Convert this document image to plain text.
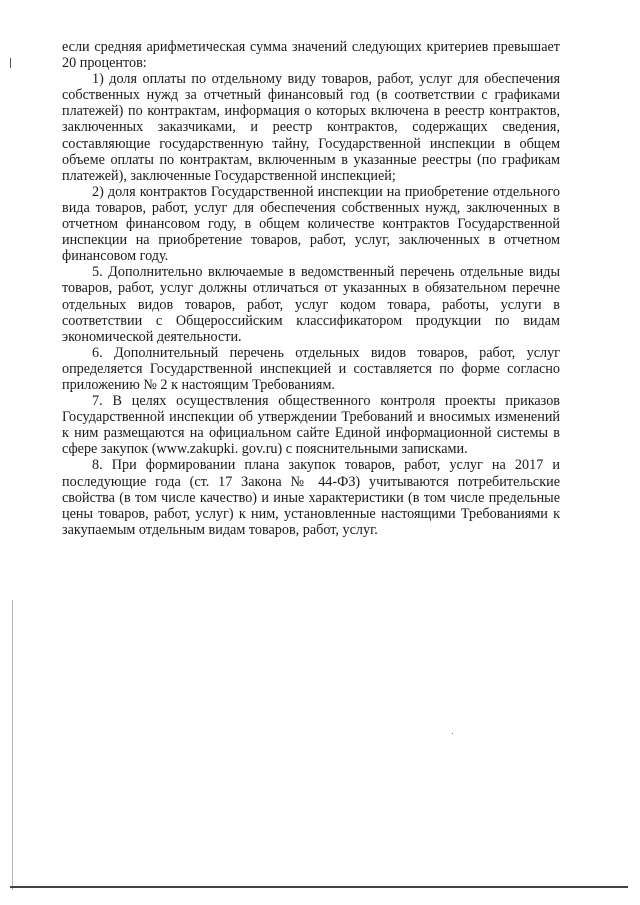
если средняя арифметическая сумма значений следующих критериев превышает 20 процентов:

1) доля оплаты по отдельному виду товаров, работ, услуг для обеспечения собственных нужд за отчетный финансовый год (в соответствии с графиками платежей) по контрактам, информация о которых включена в реестр контрактов, заключенных заказчиками, и реестр контрактов, содержащих сведения, составляющие государственную тайну, Государственной инспекции в общем объеме оплаты по контрактам, включенным в указанные реестры (по графикам платежей), заключенные Государственной инспекцией;

2) доля контрактов Государственной инспекции на приобретение отдельного вида товаров, работ, услуг для обеспечения собственных нужд, заключенных в отчетном финансовом году, в общем количестве контрактов Государственной инспекции на приобретение товаров, работ, услуг, заключенных в отчетном финансовом году.

5. Дополнительно включаемые в ведомственный перечень отдельные виды товаров, работ, услуг должны отличаться от указанных в обязательном перечне отдельных видов товаров, работ, услуг кодом товара, работы, услуги в соответствии с Общероссийским классификатором продукции по видам экономической деятельности.

6. Дополнительный перечень отдельных видов товаров, работ, услуг определяется Государственной инспекцией и составляется по форме согласно приложению № 2 к настоящим Требованиям.

7. В целях осуществления общественного контроля проекты приказов Государственной инспекции об утверждении Требований и вносимых изменений к ним размещаются на официальном сайте Единой информационной системы в сфере закупок (www.zakupki. gov.ru) с пояснительными записками.

8. При формировании плана закупок товаров, работ, услуг на 2017 и последующие года (ст. 17 Закона № 44-ФЗ) учитываются потребительские свойства (в том числе качество) и иные характеристики (в том числе предельные цены товаров, работ, услуг) к ним, установленные настоящими Требованиями к закупаемым отдельным видам товаров, работ, услуг.
